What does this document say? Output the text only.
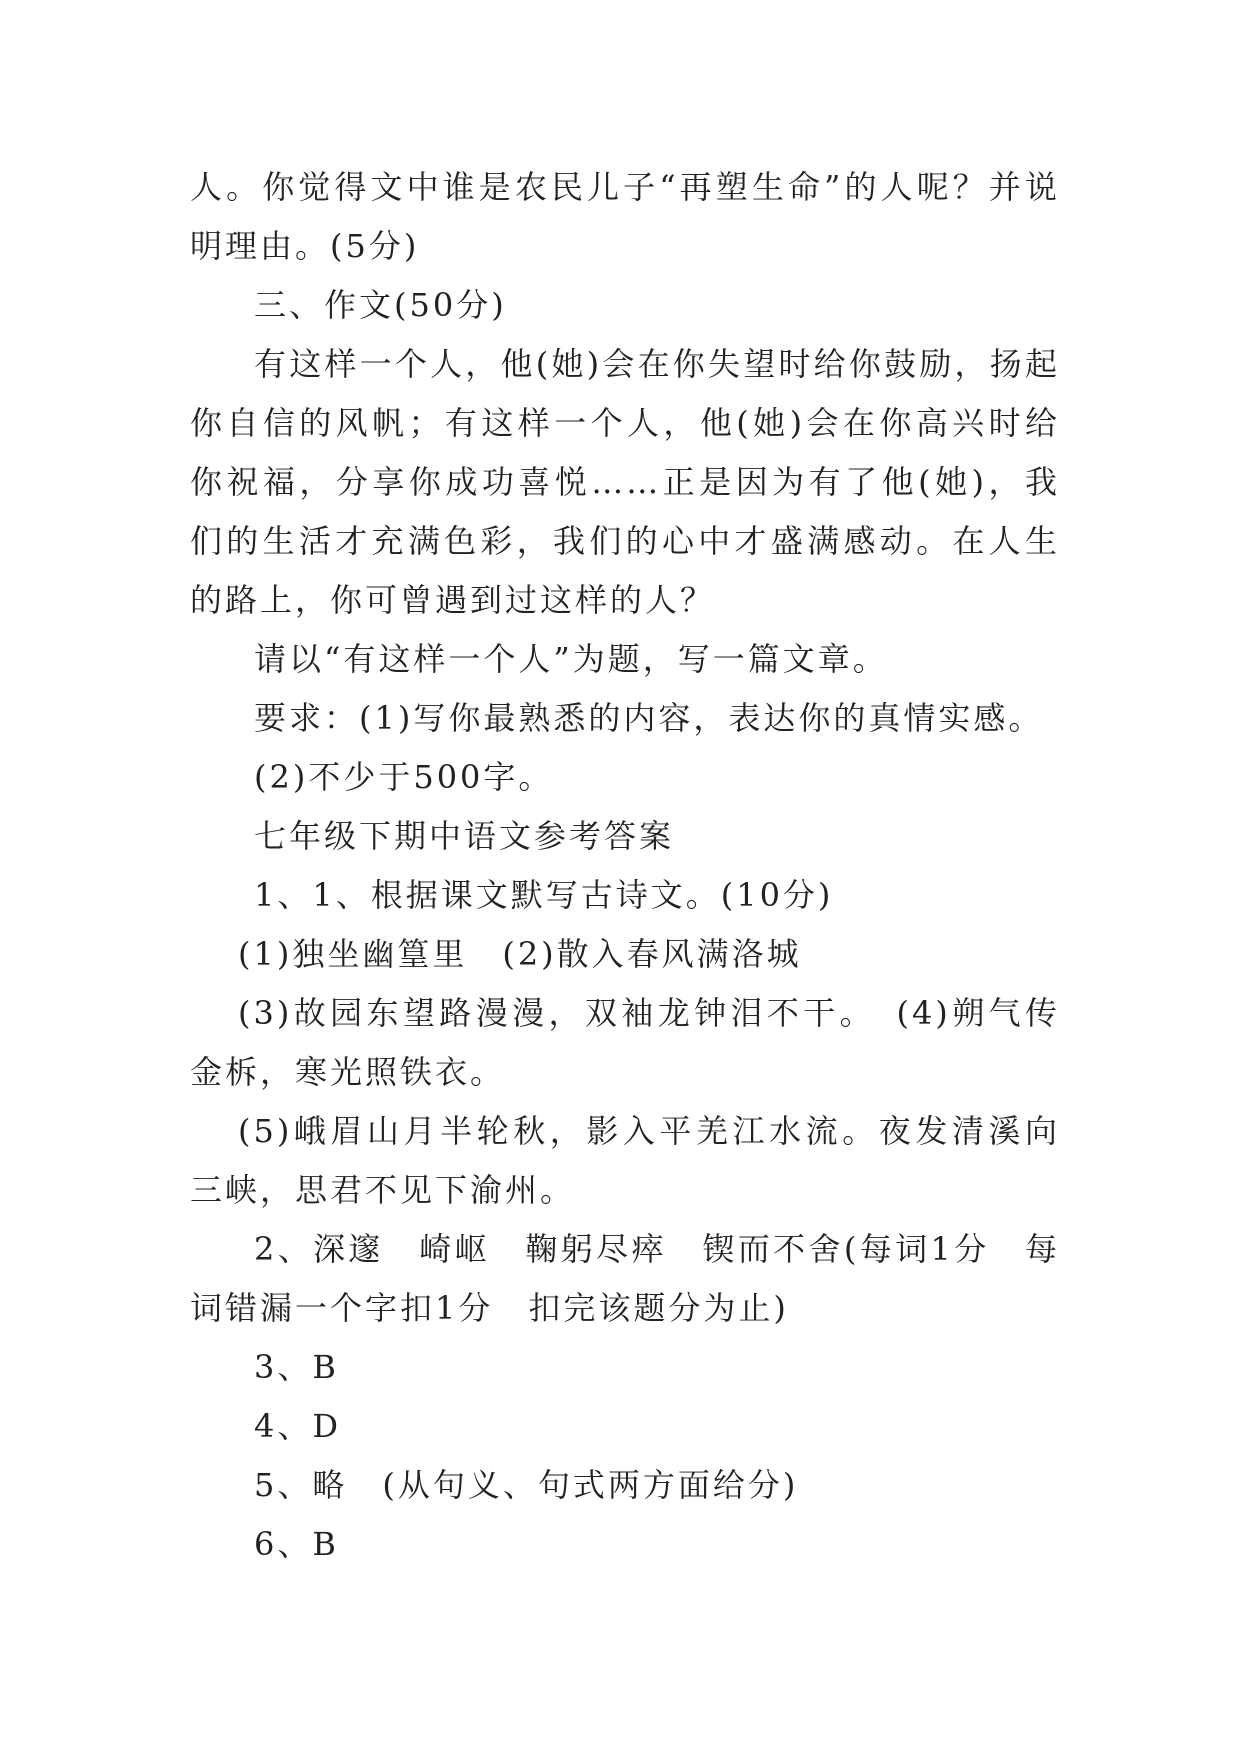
人。你觉得文中谁是农民儿子“再塑生命”的人呢？并说明理由。(5分)

三、作文(50分)

有这样一个人，他(她)会在你失望时给你鼓励，扬起你自信的风帆；有这样一个人，他(她)会在你高兴时给你祝福，分享你成功喜悦……正是因为有了他(她)，我们的生活才充满色彩，我们的心中才盛满感动。在人生的路上，你可曾遇到过这样的人？

请以“有这样一个人”为题，写一篇文章。

要求：(1)写你最熟悉的内容，表达你的真情实感。

(2)不少于500字。

七年级下期中语文参考答案

1、1、根据课文默写古诗文。(10分)

(1)独坐幽篁里　(2)散入春风满洛城

(3)故园东望路漫漫，双袖龙钟泪不干。　(4)朔气传金柝，寒光照铁衣。

(5)峨眉山月半轮秋，影入平羌江水流。夜发清溪向三峡，思君不见下渝州。

2、深邃　崎岖　鞠躬尽瘁　锲而不舍(每词1分　每词错漏一个字扣1分　扣完该题分为止)

3、B

4、D

5、略　(从句义、句式两方面给分)

6、B
